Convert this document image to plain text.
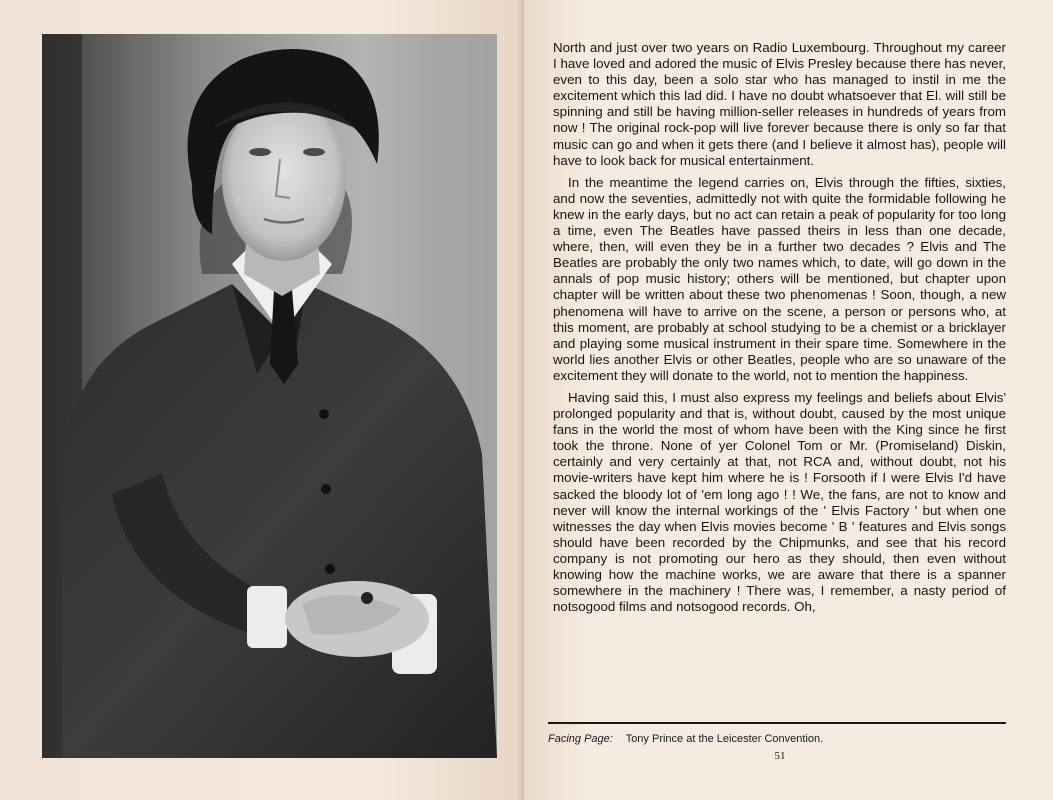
North and just over two years on Radio Luxembourg. Throughout my career I have loved and adored the music of Elvis Presley because there has never, even to this day, been a solo star who has managed to instil in me the excitement which this lad did. I have no doubt whatsoever that El. will still be spinning and still be having million-seller releases in hundreds of years from now ! The original rock-pop will live forever because there is only so far that music can go and when it gets there (and I believe it almost has), people will have to look back for musical entertainment.

In the meantime the legend carries on, Elvis through the fifties, sixties, and now the seventies, admittedly not with quite the formidable following he knew in the early days, but no act can retain a peak of popularity for too long a time, even The Beatles have passed theirs in less than one decade, where, then, will even they be in a further two decades ? Elvis and The Beatles are probably the only two names which, to date, will go down in the annals of pop music history; others will be mentioned, but chapter upon chapter will be written about these two phenomenas ! Soon, though, a new phenomena will have to arrive on the scene, a person or persons who, at this moment, are probably at school studying to be a chemist or a bricklayer and playing some musical instrument in their spare time. Somewhere in the world lies another Elvis or other Beatles, people who are so unaware of the excitement they will donate to the world, not to mention the happiness.

Having said this, I must also express my feelings and beliefs about Elvis' prolonged popularity and that is, without doubt, caused by the most unique fans in the world the most of whom have been with the King since he first took the throne. None of yer Colonel Tom or Mr. (Promiseland) Diskin, certainly and very certainly at that, not RCA and, without doubt, not his movie-writers have kept him where he is ! Forsooth if I were Elvis I'd have sacked the bloody lot of 'em long ago ! ! We, the fans, are not to know and never will know the internal workings of the ' Elvis Factory ' but when one witnesses the day when Elvis movies become ' B ' features and Elvis songs should have been recorded by the Chipmunks, and see that his record company is not promoting our hero as they should, then even without knowing how the machine works, we are aware that there is a spanner somewhere in the machinery ! There was, I remember, a nasty period of notsogood films and notsogood records. Oh,

Facing Page: Tony Prince at the Leicester Convention.
51
